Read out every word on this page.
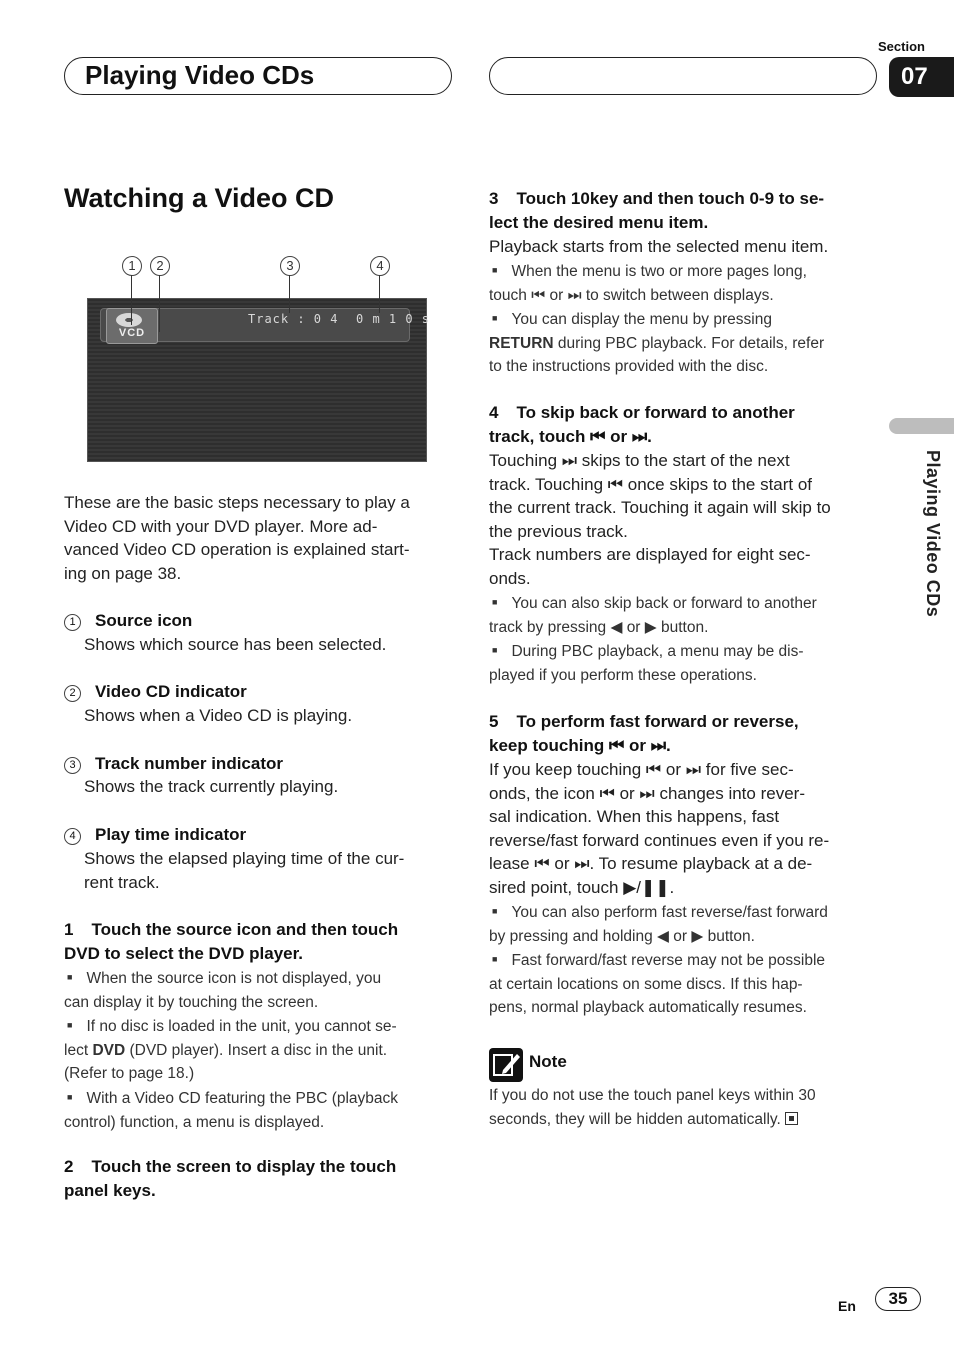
Playing Video CDs
Section
07
Playing Video CDs
Watching a Video CD
1	2	3	4
VCD
Track : 0 4 0 m 1 0 s
These are the basic steps necessary to play a
Video CD with your DVD player. More ad-
vanced Video CD operation is explained start-
ing on page 38.
1 Source icon
Shows which source has been selected.
2 Video CD indicator
Shows when a Video CD is playing.
3 Track number indicator
Shows the track currently playing.
4 Play time indicator
Shows the elapsed playing time of the cur-
rent track.
1 Touch the source icon and then touch
DVD to select the DVD player.
■ When the source icon is not displayed, you
can display it by touching the screen.
■ If no disc is loaded in the unit, you cannot se-
lect DVD (DVD player). Insert a disc in the unit.
(Refer to page 18.)
■ With a Video CD featuring the PBC (playback
control) function, a menu is displayed.
2 Touch the screen to display the touch
panel keys.
3 Touch 10key and then touch 0-9 to se-
lect the desired menu item.
Playback starts from the selected menu item.
■ When the menu is two or more pages long,
touch ⏮ or ⏭ to switch between displays.
■ You can display the menu by pressing
RETURN during PBC playback. For details, refer
to the instructions provided with the disc.
4 To skip back or forward to another
track, touch ⏮ or ⏭.
Touching ⏭ skips to the start of the next
track. Touching ⏮ once skips to the start of
the current track. Touching it again will skip to
the previous track.
Track numbers are displayed for eight sec-
onds.
■ You can also skip back or forward to another
track by pressing ◀ or ▶ button.
■ During PBC playback, a menu may be dis-
played if you perform these operations.
5 To perform fast forward or reverse,
keep touching ⏮ or ⏭.
If you keep touching ⏮ or ⏭ for five sec-
onds, the icon ⏮ or ⏭ changes into rever-
sal indication. When this happens, fast
reverse/fast forward continues even if you re-
lease ⏮ or ⏭. To resume playback at a de-
sired point, touch ▶/❚❚.
■ You can also perform fast reverse/fast forward
by pressing and holding ◀ or ▶ button.
■ Fast forward/fast reverse may not be possible
at certain locations on some discs. If this hap-
pens, normal playback automatically resumes.
Note
If you do not use the touch panel keys within 30
seconds, they will be hidden automatically.
En	35
